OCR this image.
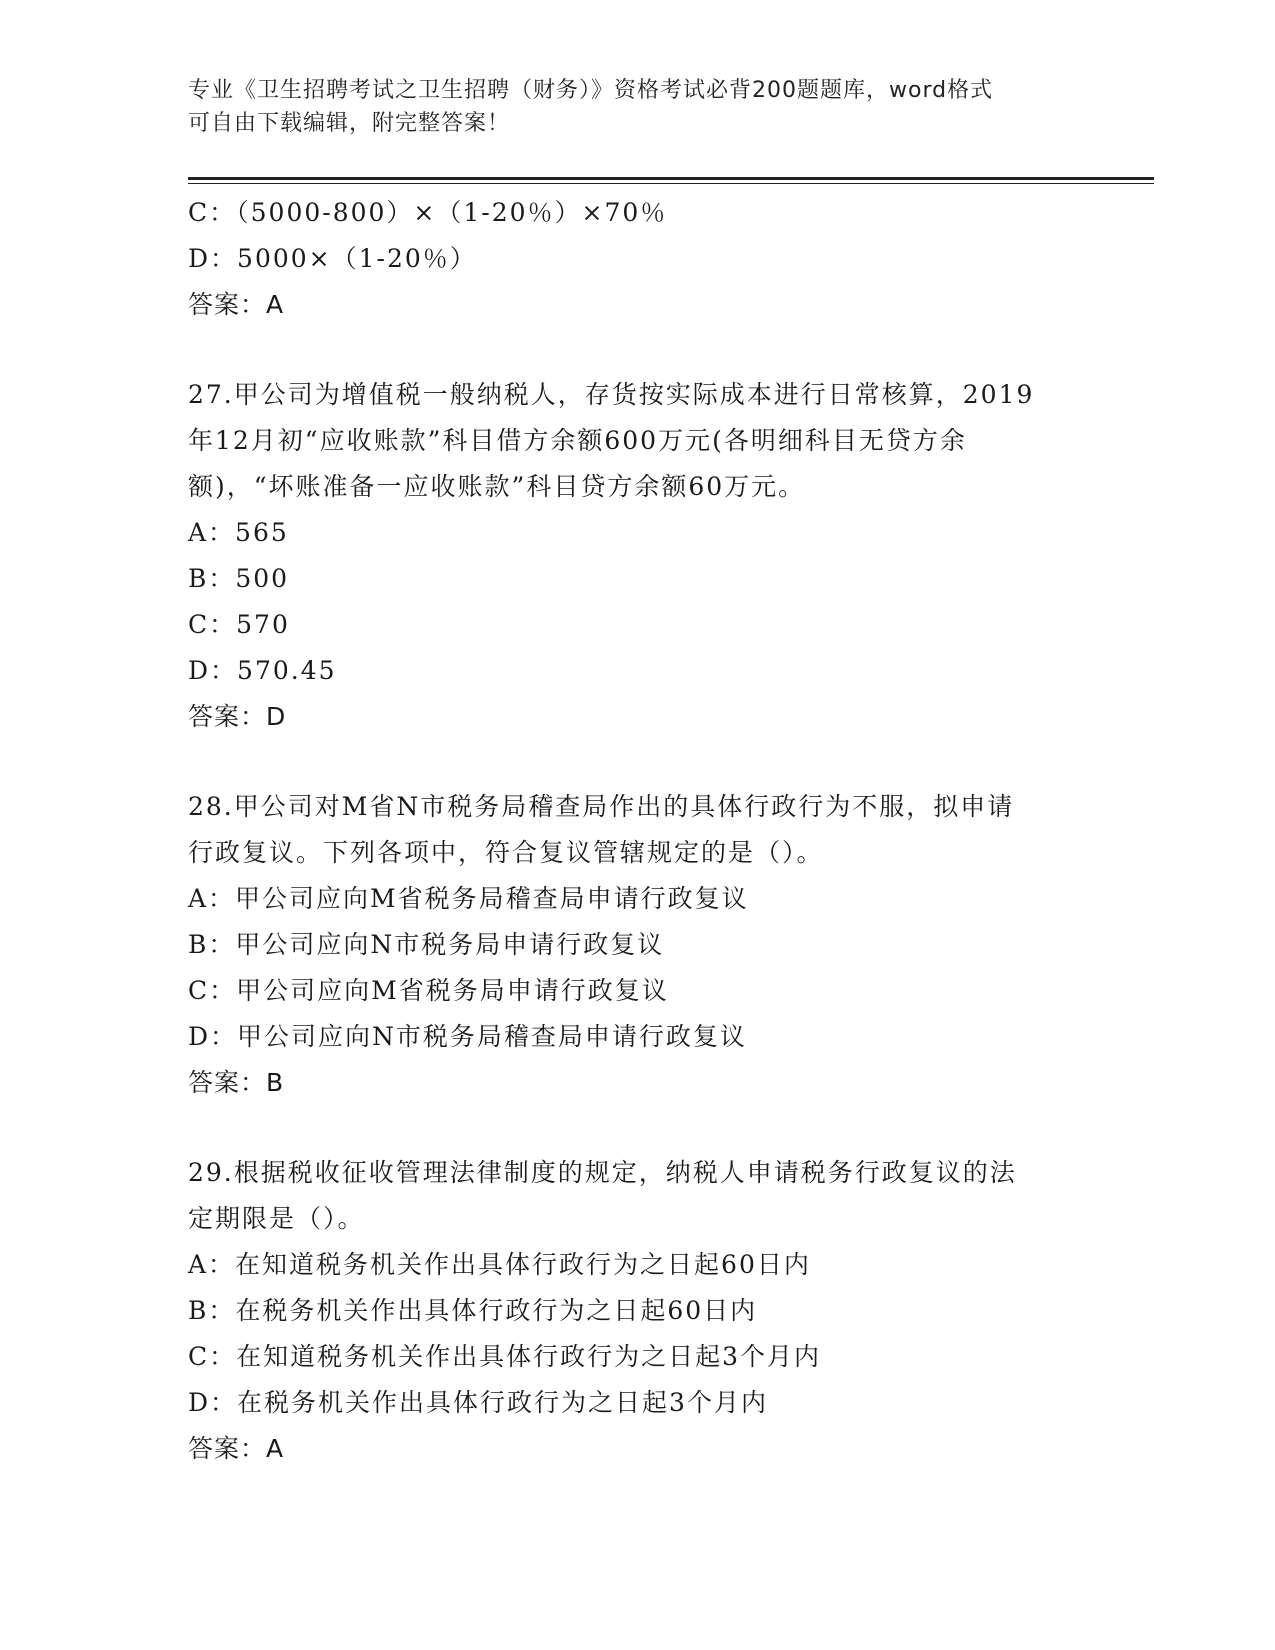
专业《卫生招聘考试之卫生招聘（财务）》资格考试必背200题题库，word格式
可自由下载编辑，附完整答案！
C：（5000-800）×（1-20％）×70％
D：5000×（1-20％）
答案：A
27.甲公司为增值税一般纳税人，存货按实际成本进行日常核算，2019
年12月初“应收账款”科目借方余额600万元(各明细科目无贷方余
额)，“坏账准备一应收账款”科目贷方余额60万元。
A：565
B：500
C：570
D：570.45
答案：D
28.甲公司对M省N市税务局稽查局作出的具体行政行为不服，拟申请
行政复议。下列各项中，符合复议管辖规定的是（）。
A：甲公司应向M省税务局稽查局申请行政复议
B：甲公司应向N市税务局申请行政复议
C：甲公司应向M省税务局申请行政复议
D：甲公司应向N市税务局稽查局申请行政复议
答案：B
29.根据税收征收管理法律制度的规定，纳税人申请税务行政复议的法
定期限是（）。
A：在知道税务机关作出具体行政行为之日起60日内
B：在税务机关作出具体行政行为之日起60日内
C：在知道税务机关作出具体行政行为之日起3个月内
D：在税务机关作出具体行政行为之日起3个月内
答案：A
